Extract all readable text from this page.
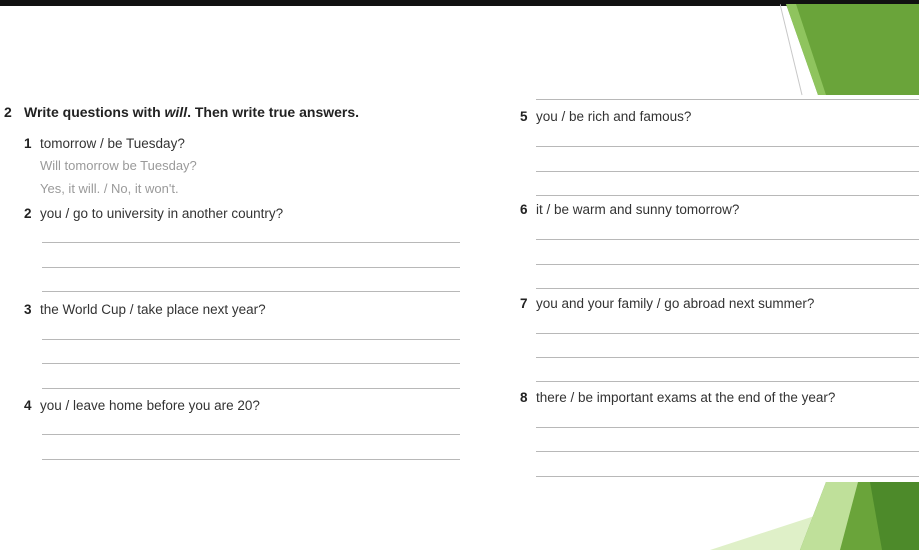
2 Write questions with will. Then write true answers.
1 tomorrow / be Tuesday?
Will tomorrow be Tuesday?
Yes, it will. / No, it won't.
2 you / go to university in another country?
3 the World Cup / take place next year?
4 you / leave home before you are 20?
5 you / be rich and famous?
6 it / be warm and sunny tomorrow?
7 you and your family / go abroad next summer?
8 there / be important exams at the end of the year?
